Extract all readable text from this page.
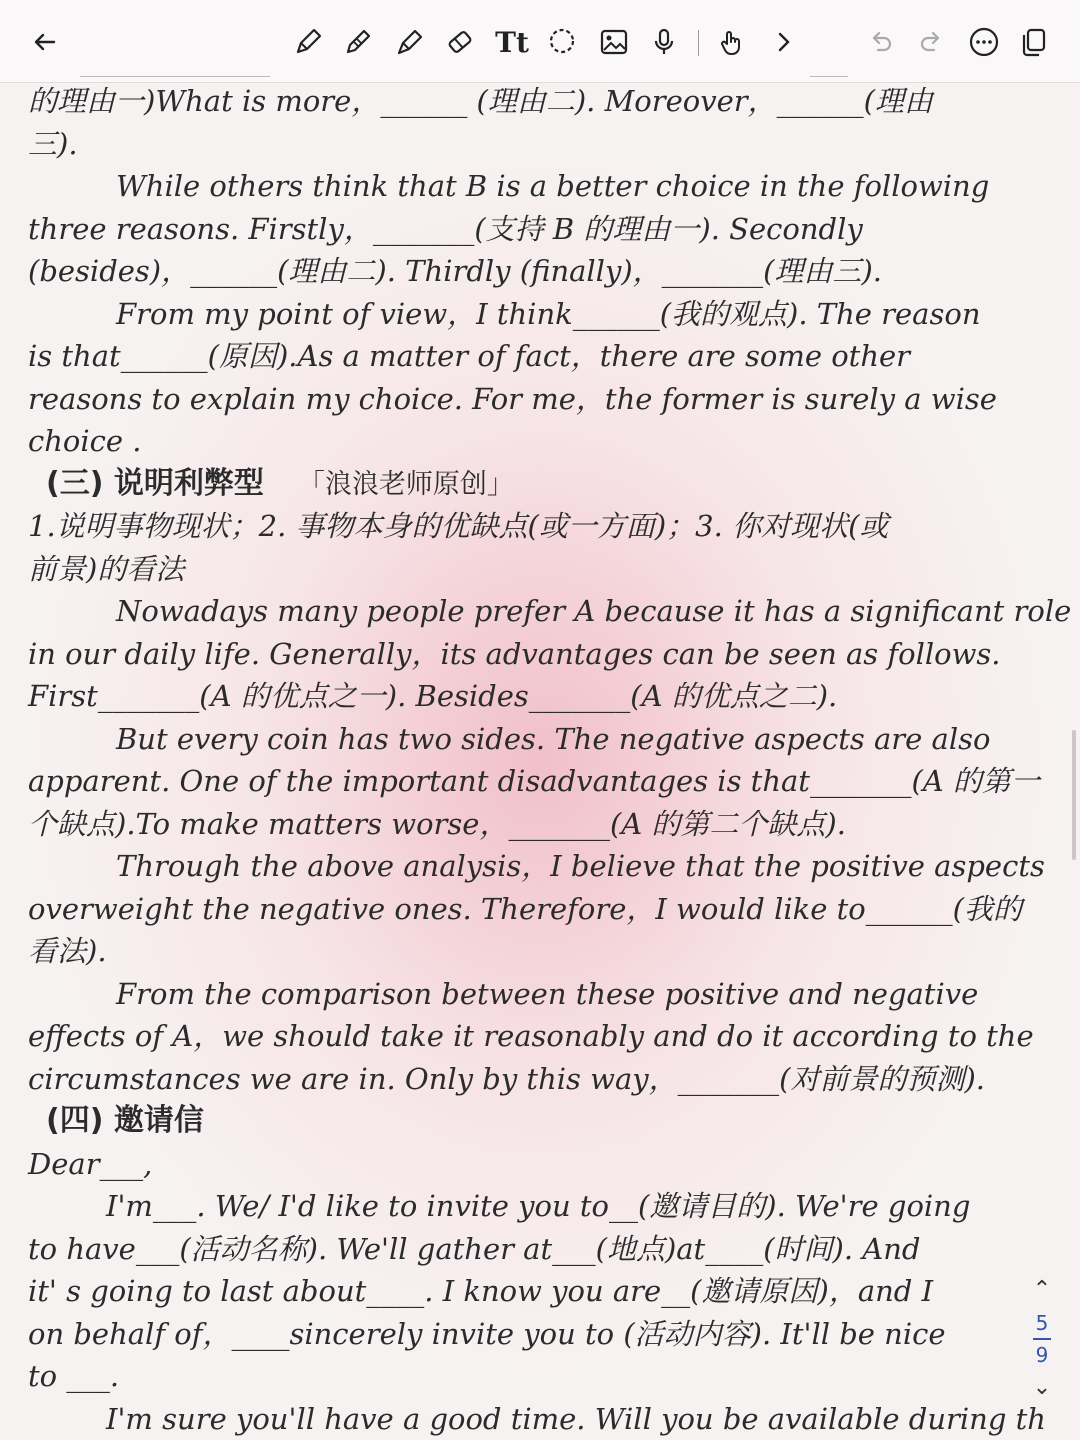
Tt
的理由一)What is more，______ (理由二). Moreover，______(理由
三).
While others think that B is a better choice in the following
three reasons. Firstly，_______(支持 B 的理由一). Secondly
(besides)，______(理由二). Thirdly (finally)，_______(理由三).
From my point of view，I think______(我的观点). The reason
is that______(原因).As a matter of fact，there are some other
reasons to explain my choice. For me，the former is surely a wise
choice .
(三) 说明利弊型 「浪浪老师原创」
1.说明事物现状；2. 事物本身的优缺点(或一方面)；3. 你对现状(或
前景)的看法
Nowadays many people prefer A because it has a significant role
in our daily life. Generally，its advantages can be seen as follows.
First_______(A 的优点之一). Besides_______(A 的优点之二).
But every coin has two sides. The negative aspects are also
apparent. One of the important disadvantages is that_______(A 的第一
个缺点).To make matters worse，_______(A 的第二个缺点).
Through the above analysis，I believe that the positive aspects
overweight the negative ones. Therefore，I would like to______(我的
看法).
From the comparison between these positive and negative
effects of A，we should take it reasonably and do it according to the
circumstances we are in. Only by this way，_______(对前景的预测).
(四) 邀请信
Dear___,
I'm___. We/ I'd like to invite you to__(邀请目的). We're going
to have___(活动名称). We'll gather at___(地点)at____(时间). And
it' s going to last about____. I know you are__(邀请原因)，and I
on behalf of，____sincerely invite you to (活动内容). It'll be nice
to ___.
I'm sure you'll have a good time. Will you be available during th
⌃
5
9
⌄
